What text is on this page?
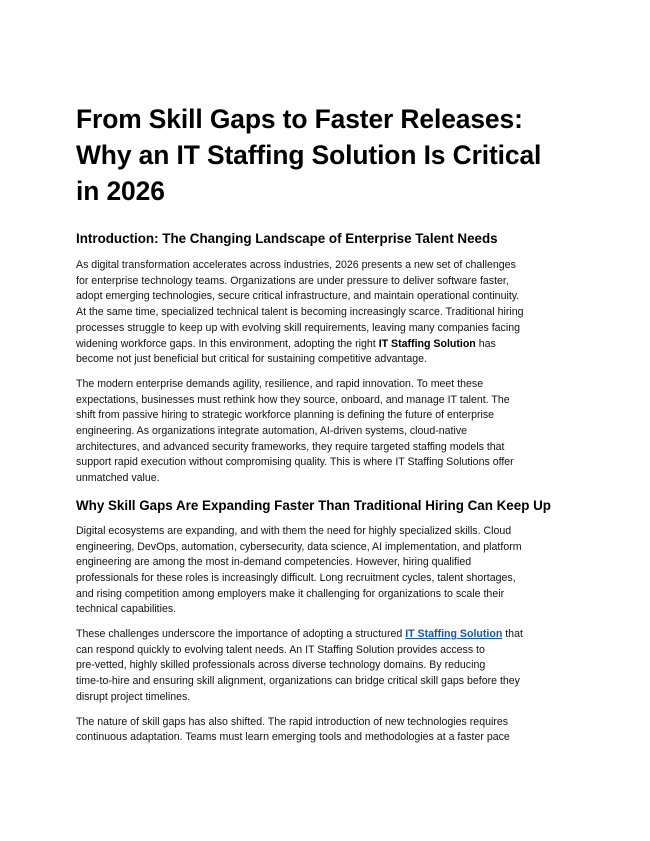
From Skill Gaps to Faster Releases:
Why an IT Staffing Solution Is Critical
in 2026
Introduction: The Changing Landscape of Enterprise Talent Needs

As digital transformation accelerates across industries, 2026 presents a new set of challenges
for enterprise technology teams. Organizations are under pressure to deliver software faster,
adopt emerging technologies, secure critical infrastructure, and maintain operational continuity.
At the same time, specialized technical talent is becoming increasingly scarce. Traditional hiring
processes struggle to keep up with evolving skill requirements, leaving many companies facing
widening workforce gaps. In this environment, adopting the right IT Staffing Solution has
become not just beneficial but critical for sustaining competitive advantage.

The modern enterprise demands agility, resilience, and rapid innovation. To meet these
expectations, businesses must rethink how they source, onboard, and manage IT talent. The
shift from passive hiring to strategic workforce planning is defining the future of enterprise
engineering. As organizations integrate automation, AI-driven systems, cloud-native
architectures, and advanced security frameworks, they require targeted staffing models that
support rapid execution without compromising quality. This is where IT Staffing Solutions offer
unmatched value.

Why Skill Gaps Are Expanding Faster Than Traditional Hiring Can Keep Up

Digital ecosystems are expanding, and with them the need for highly specialized skills. Cloud
engineering, DevOps, automation, cybersecurity, data science, AI implementation, and platform
engineering are among the most in-demand competencies. However, hiring qualified
professionals for these roles is increasingly difficult. Long recruitment cycles, talent shortages,
and rising competition among employers make it challenging for organizations to scale their
technical capabilities.

These challenges underscore the importance of adopting a structured IT Staffing Solution that
can respond quickly to evolving talent needs. An IT Staffing Solution provides access to
pre-vetted, highly skilled professionals across diverse technology domains. By reducing
time-to-hire and ensuring skill alignment, organizations can bridge critical skill gaps before they
disrupt project timelines.

The nature of skill gaps has also shifted. The rapid introduction of new technologies requires
continuous adaptation. Teams must learn emerging tools and methodologies at a faster pace
